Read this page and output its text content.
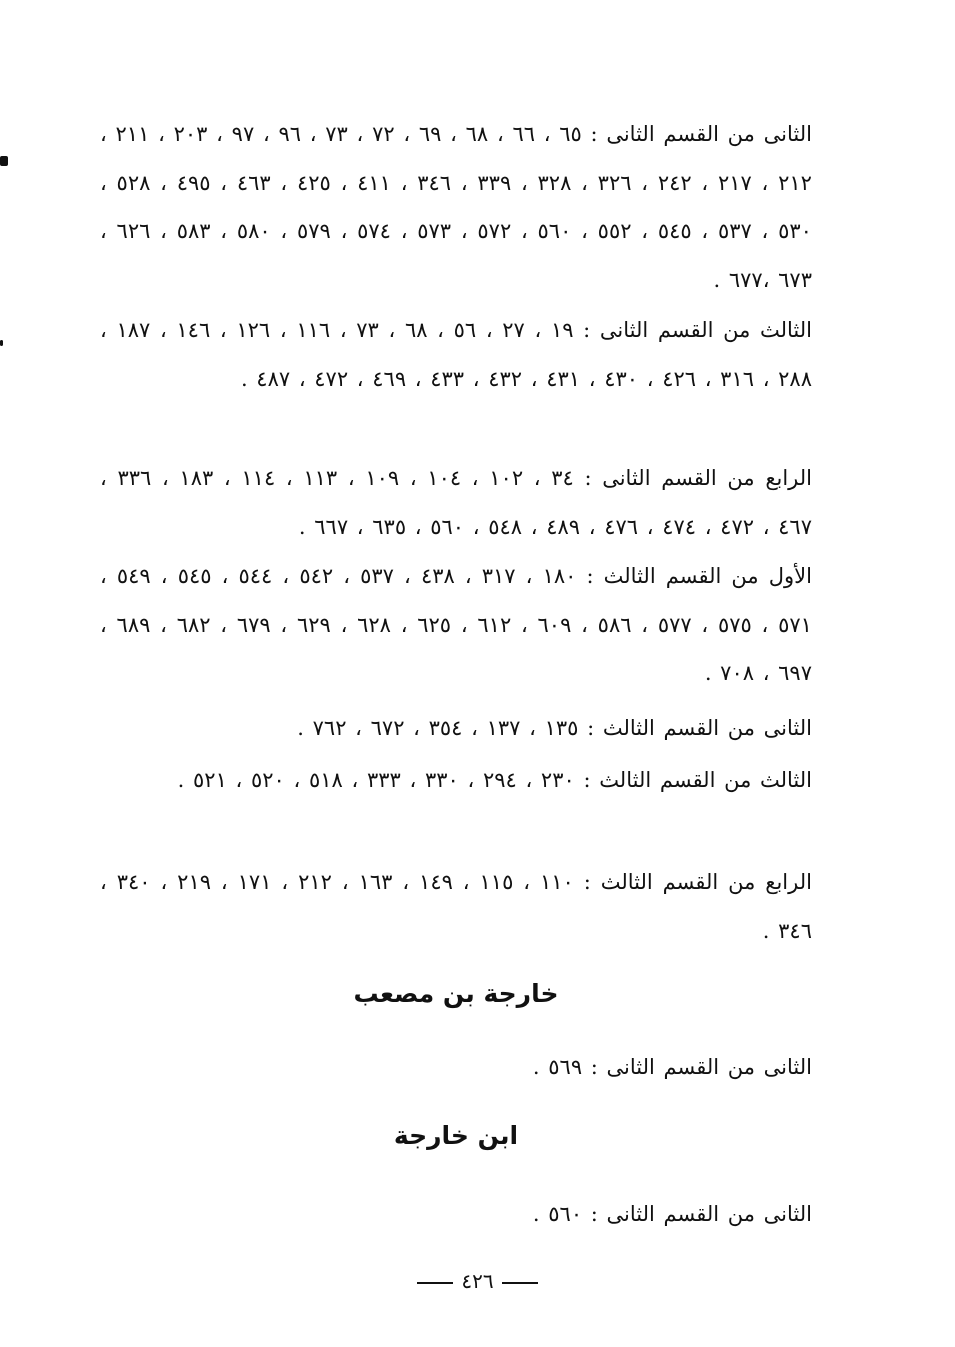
الثانى من القسم الثانى : ٦٥ ، ٦٦ ، ٦٨ ، ٦٩ ، ٧٢ ، ٧٣ ، ٩٦ ، ٩٧ ، ٢٠٣ ، ٢١١ ، ٢١٢ ، ٢١٧ ، ٢٤٢ ، ٣٢٦ ، ٣٢٨ ، ٣٣٩ ، ٣٤٦ ، ٤١١ ، ٤٢٥ ، ٤٦٣ ، ٤٩٥ ، ٥٢٨ ، ٥٣٠ ، ٥٣٧ ، ٥٤٥ ، ٥٥٢ ، ٥٦٠ ، ٥٧٢ ، ٥٧٣ ، ٥٧٤ ، ٥٧٩ ، ٥٨٠ ، ٥٨٣ ، ٦٢٦ ، ٦٧٣ ،٦٧٧ .
الثالث من القسم الثانى : ١٩ ، ٢٧ ، ٥٦ ، ٦٨ ، ٧٣ ، ١١٦ ، ١٢٦ ، ١٤٦ ، ١٨٧ ، ٢٨٨ ، ٣١٦ ، ٤٢٦ ، ٤٣٠ ، ٤٣١ ، ٤٣٢ ، ٤٣٣ ، ٤٦٩ ، ٤٧٢ ، ٤٨٧ .
الرابع من القسم الثانى : ٣٤ ، ١٠٢ ، ١٠٤ ، ١٠٩ ، ١١٣ ، ١١٤ ، ١٨٣ ، ٣٣٦ ، ٤٦٧ ، ٤٧٢ ، ٤٧٤ ، ٤٧٦ ، ٤٨٩ ، ٥٤٨ ، ٥٦٠ ، ٦٣٥ ، ٦٦٧ .
الأول من القسم الثالث : ١٨٠ ، ٣١٧ ، ٤٣٨ ، ٥٣٧ ، ٥٤٢ ، ٥٤٤ ، ٥٤٥ ، ٥٤٩ ، ٥٧١ ، ٥٧٥ ، ٥٧٧ ، ٥٨٦ ، ٦٠٩ ، ٦١٢ ، ٦٢٥ ، ٦٢٨ ، ٦٢٩ ، ٦٧٩ ، ٦٨٢ ، ٦٨٩ ، ٦٩٧ ، ٧٠٨ .
الثانى من القسم الثالث : ١٣٥ ، ١٣٧ ، ٣٥٤ ، ٦٧٢ ، ٧٦٢ .
الثالث من القسم الثالث : ٢٣٠ ، ٢٩٤ ، ٣٣٠ ، ٣٣٣ ، ٥١٨ ، ٥٢٠ ، ٥٢١ .
الرابع من القسم الثالث : ١١٠ ، ١١٥ ، ١٤٩ ، ١٦٣ ، ٢١٢ ، ١٧١ ، ٢١٩ ، ٣٤٠ ، ٣٤٦ .
خارجة بن مصعب
الثانى من القسم الثانى : ٥٦٩ .
ابن خارجة
الثانى من القسم الثانى : ٥٦٠ .
٤٢٦
